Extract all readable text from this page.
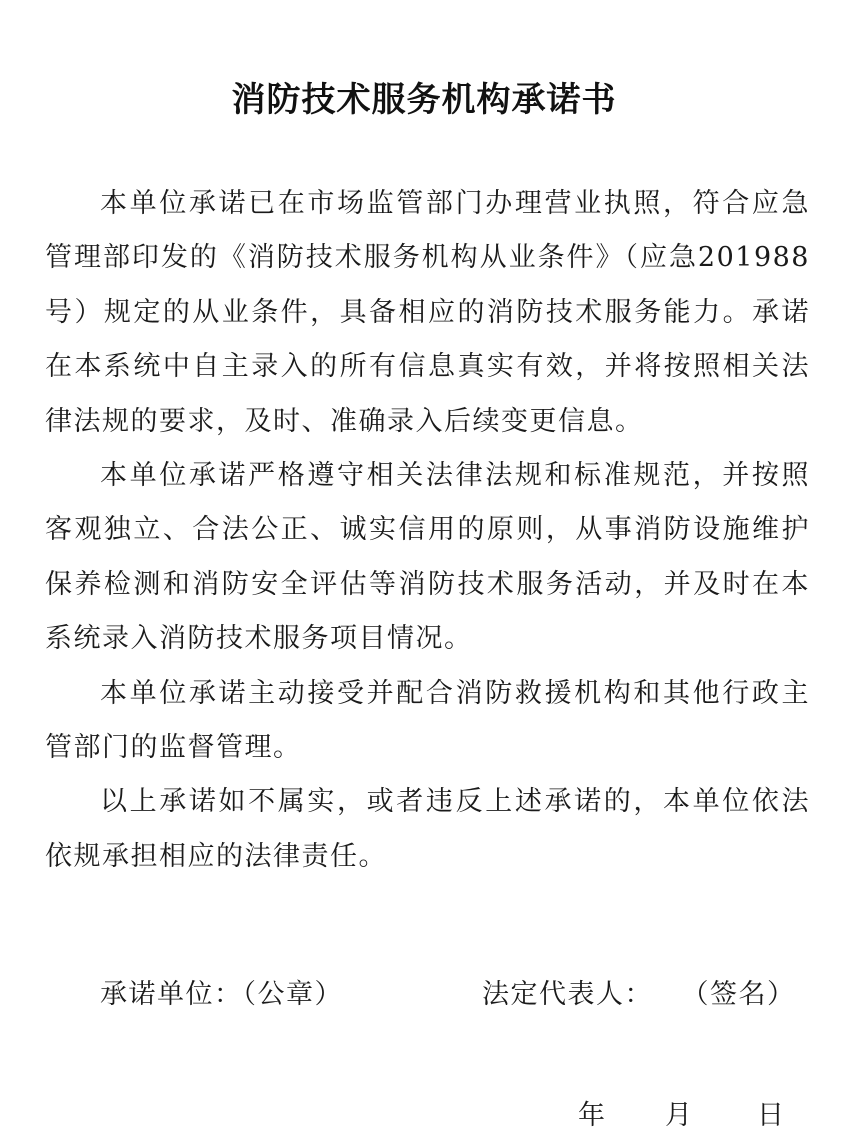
消防技术服务机构承诺书

本单位承诺已在市场监管部门办理营业执照，符合应急管理部印发的《消防技术服务机构从业条件》（应急201988号）规定的从业条件，具备相应的消防技术服务能力。承诺在本系统中自主录入的所有信息真实有效，并将按照相关法律法规的要求，及时、准确录入后续变更信息。

本单位承诺严格遵守相关法律法规和标准规范，并按照客观独立、合法公正、诚实信用的原则，从事消防设施维护保养检测和消防安全评估等消防技术服务活动，并及时在本系统录入消防技术服务项目情况。

本单位承诺主动接受并配合消防救援机构和其他行政主管部门的监督管理。

以上承诺如不属实，或者违反上述承诺的，本单位依法依规承担相应的法律责任。

承诺单位：（公章）	法定代表人： （签名）
年 月 日
